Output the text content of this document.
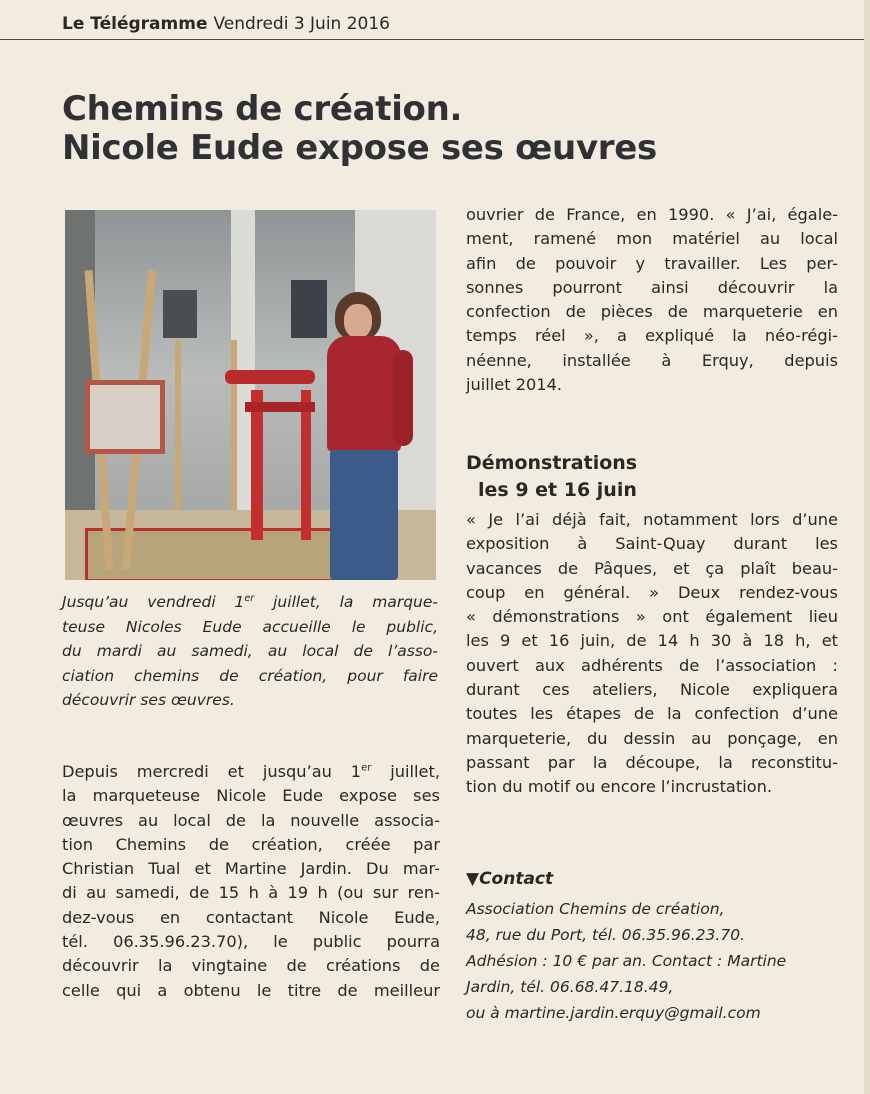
Le Télégramme Vendredi 3 Juin 2016
Chemins de création.
Nicole Eude expose ses œuvres

Jusqu’au vendredi 1er juillet, la marque-
teuse Nicoles Eude accueille le public,
du mardi au samedi, au local de l’asso-
ciation chemins de création, pour faire
découvrir ses œuvres.

Depuis mercredi et jusqu’au 1er juillet,
la marqueteuse Nicole Eude expose ses
œuvres au local de la nouvelle associa-
tion Chemins de création, créée par
Christian Tual et Martine Jardin. Du mar-
di au samedi, de 15 h à 19 h (ou sur ren-
dez-vous en contactant Nicole Eude,
tél. 06.35.96.23.70), le public pourra
découvrir la vingtaine de créations de
celle qui a obtenu le titre de meilleur

ouvrier de France, en 1990. « J’ai, égale-
ment, ramené mon matériel au local
afin de pouvoir y travailler. Les per-
sonnes pourront ainsi découvrir la
confection de pièces de marqueterie en
temps réel », a expliqué la néo-régi-
néenne, installée à Erquy, depuis
juillet 2014.

Démonstrations
les 9 et 16 juin

« Je l’ai déjà fait, notamment lors d’une
exposition à Saint-Quay durant les
vacances de Pâques, et ça plaît beau-
coup en général. » Deux rendez-vous
« démonstrations » ont également lieu
les 9 et 16 juin, de 14 h 30 à 18 h, et
ouvert aux adhérents de l’association :
durant ces ateliers, Nicole expliquera
toutes les étapes de la confection d’une
marqueterie, du dessin au ponçage, en
passant par la découpe, la reconstitu-
tion du motif ou encore l’incrustation.

▼Contact

Association Chemins de création,
48, rue du Port, tél. 06.35.96.23.70.
Adhésion : 10 € par an. Contact : Martine
Jardin, tél. 06.68.47.18.49,
ou à martine.jardin.erquy@gmail.com
